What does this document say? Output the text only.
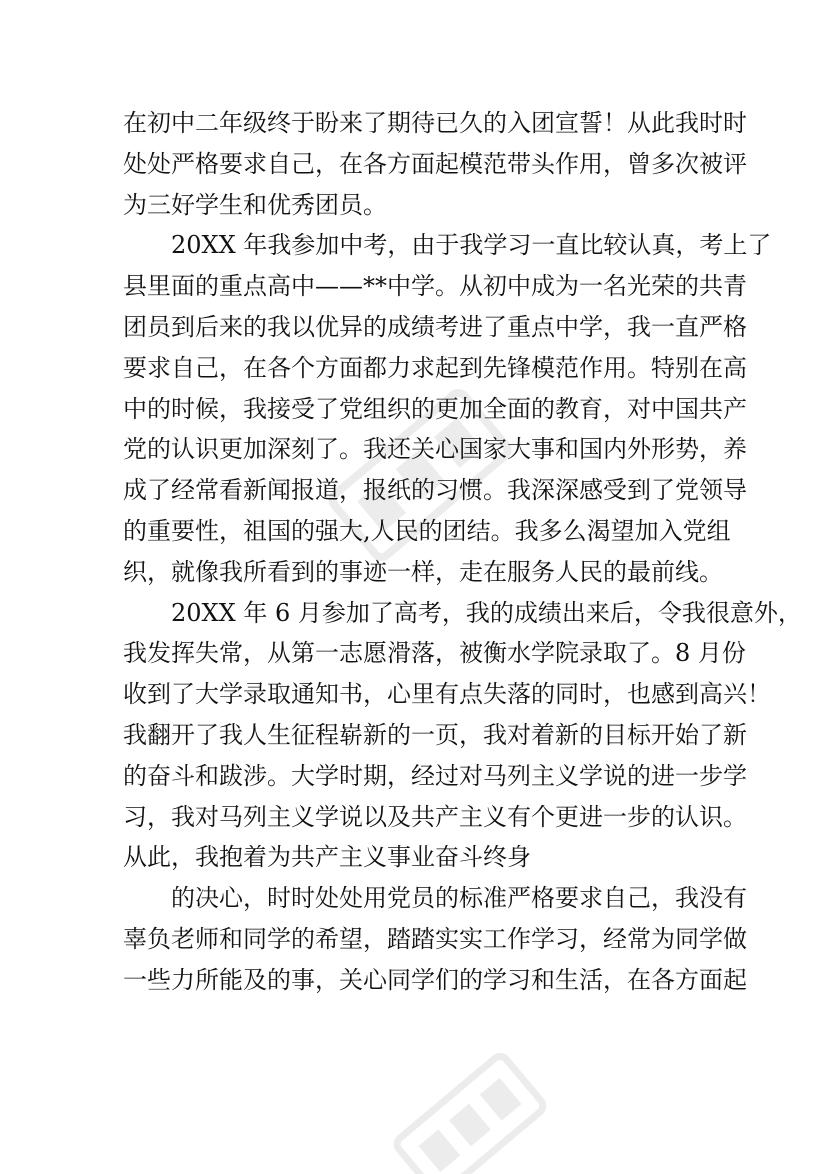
在初中二年级终于盼来了期待已久的入团宣誓！从此我时时
处处严格要求自己，在各方面起模范带头作用，曾多次被评
为三好学生和优秀团员。
20XX 年我参加中考，由于我学习一直比较认真，考上了
县里面的重点高中——**中学。从初中成为一名光荣的共青
团员到后来的我以优异的成绩考进了重点中学，我一直严格
要求自己，在各个方面都力求起到先锋模范作用。特别在高
中的时候，我接受了党组织的更加全面的教育，对中国共产
党的认识更加深刻了。我还关心国家大事和国内外形势，养
成了经常看新闻报道，报纸的习惯。我深深感受到了党领导
的重要性，祖国的强大,人民的团结。我多么渴望加入党组
织，就像我所看到的事迹一样，走在服务人民的最前线。
20XX 年 6 月参加了高考，我的成绩出来后，令我很意外，
我发挥失常，从第一志愿滑落，被衡水学院录取了。8 月份
收到了大学录取通知书，心里有点失落的同时，也感到高兴！
我翻开了我人生征程崭新的一页，我对着新的目标开始了新
的奋斗和跋涉。大学时期，经过对马列主义学说的进一步学
习，我对马列主义学说以及共产主义有个更进一步的认识。
从此，我抱着为共产主义事业奋斗终身
的决心，时时处处用党员的标准严格要求自己，我没有
辜负老师和同学的希望，踏踏实实工作学习，经常为同学做
一些力所能及的事，关心同学们的学习和生活，在各方面起
